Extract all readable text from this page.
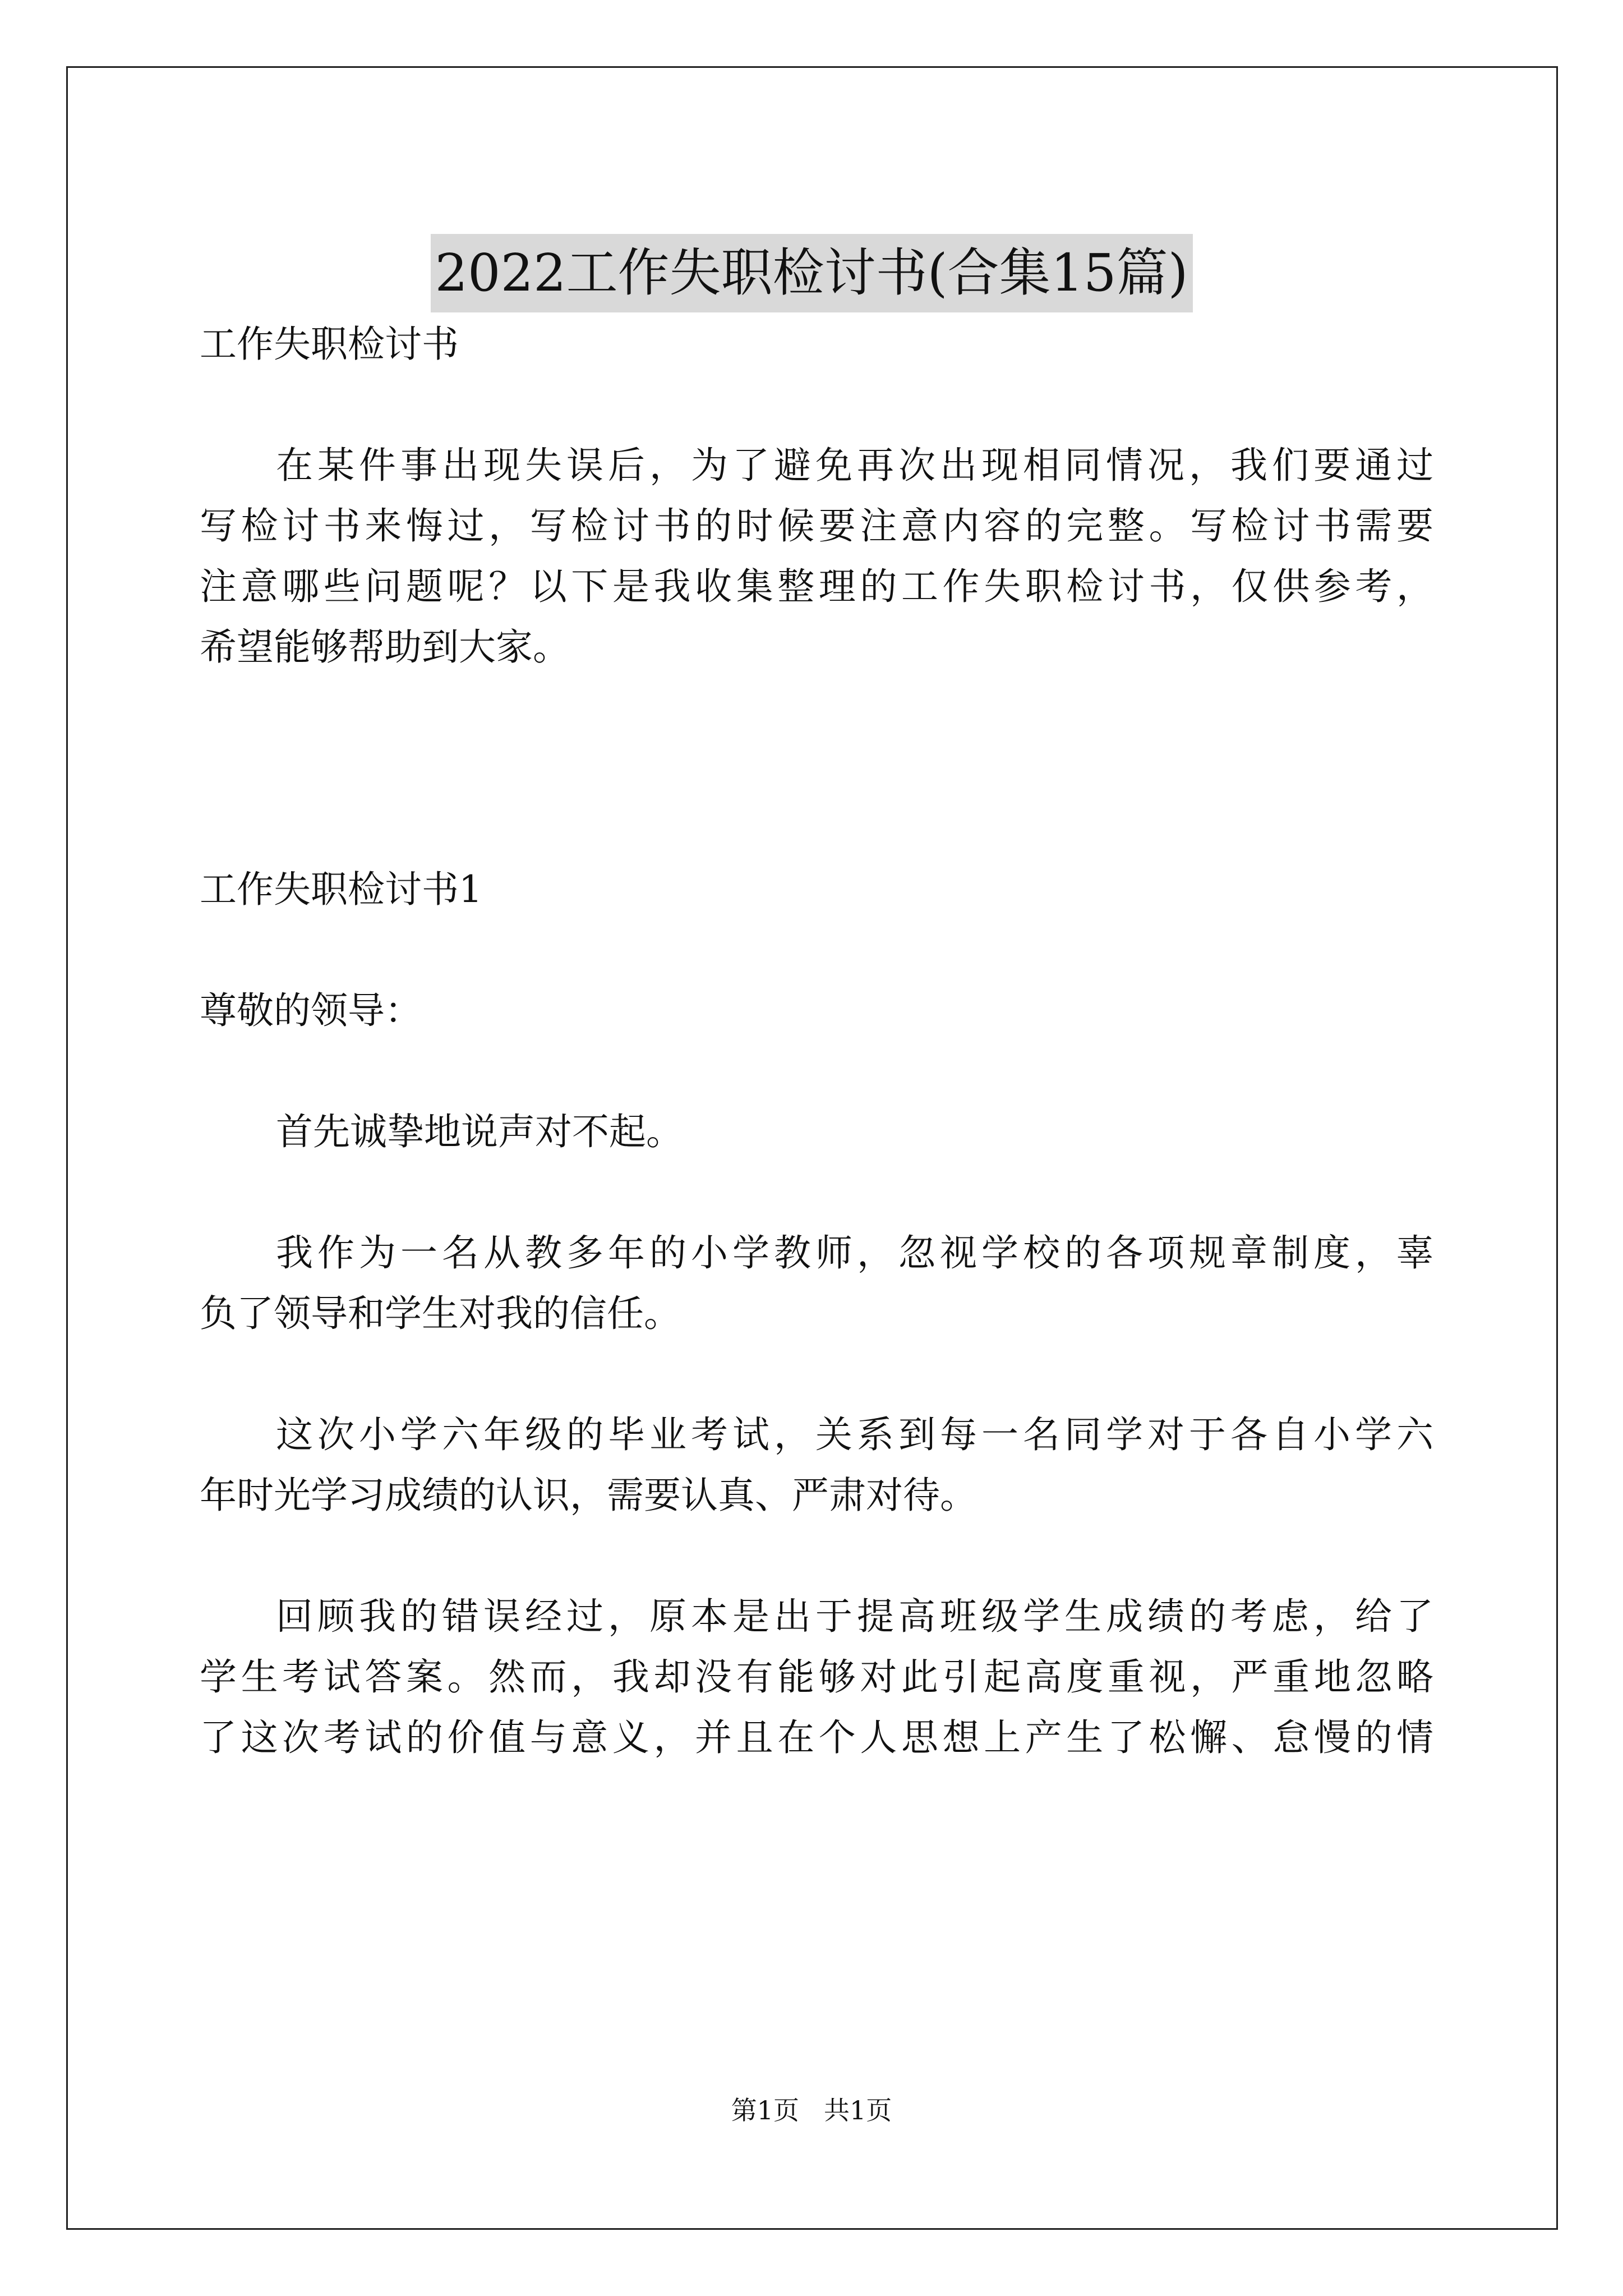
2022工作失职检讨书(合集15篇)

工作失职检讨书

在某件事出现失误后，为了避免再次出现相同情况，我们要通过

写检讨书来悔过，写检讨书的时候要注意内容的完整。写检讨书需要

注意哪些问题呢？以下是我收集整理的工作失职检讨书，仅供参考，

希望能够帮助到大家。

工作失职检讨书1

尊敬的领导：

首先诚挚地说声对不起。

我作为一名从教多年的小学教师，忽视学校的各项规章制度，辜

负了领导和学生对我的信任。

这次小学六年级的毕业考试，关系到每一名同学对于各自小学六

年时光学习成绩的认识，需要认真、严肃对待。

回顾我的错误经过，原本是出于提高班级学生成绩的考虑，给了

学生考试答案。然而，我却没有能够对此引起高度重视，严重地忽略

了这次考试的价值与意义，并且在个人思想上产生了松懈、怠慢的情

第1页 共1页
